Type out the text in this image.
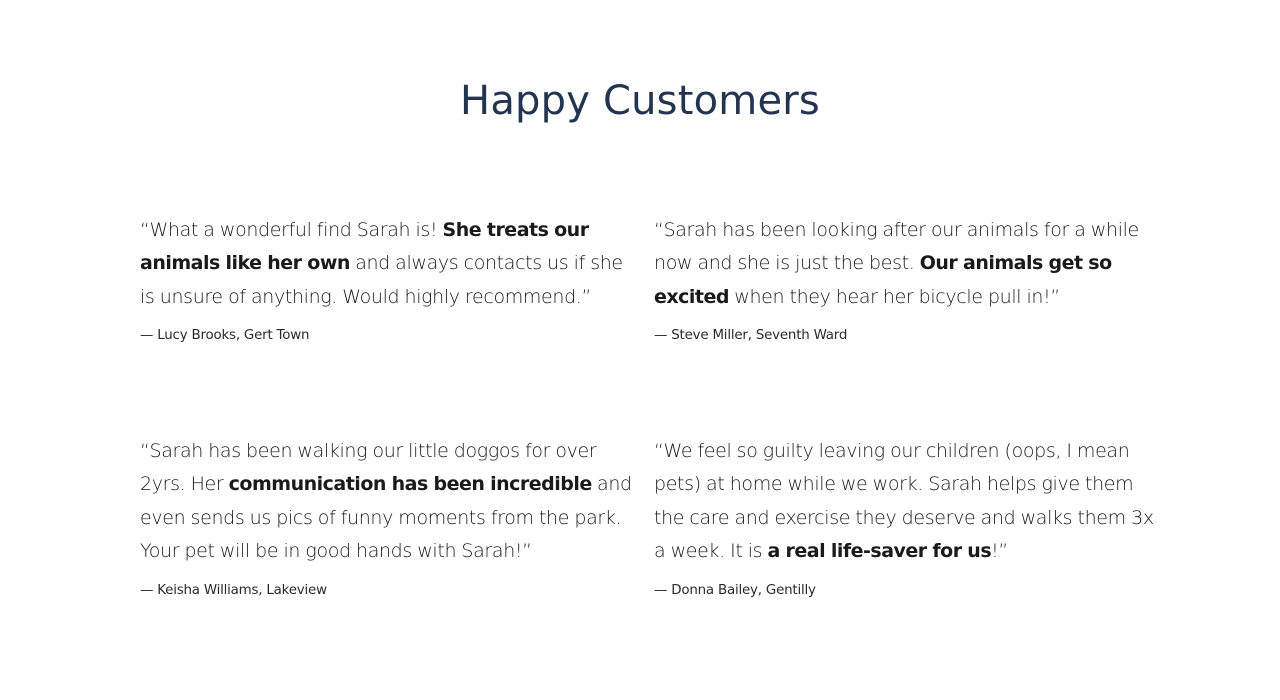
Happy Customers

“What a wonderful find Sarah is! She treats our animals like her own and always contacts us if she is unsure of anything. Would highly recommend.”

— Lucy Brooks, Gert Town

“Sarah has been looking after our animals for a while now and she is just the best. Our animals get so excited when they hear her bicycle pull in!”

— Steve Miller, Seventh Ward

“Sarah has been walking our little doggos for over 2yrs. Her communication has been incredible and even sends us pics of funny moments from the park. Your pet will be in good hands with Sarah!”

— Keisha Williams, Lakeview

“We feel so guilty leaving our children (oops, I mean pets) at home while we work. Sarah helps give them the care and exercise they deserve and walks them 3x a week. It is a real life-saver for us!”

— Donna Bailey, Gentilly
